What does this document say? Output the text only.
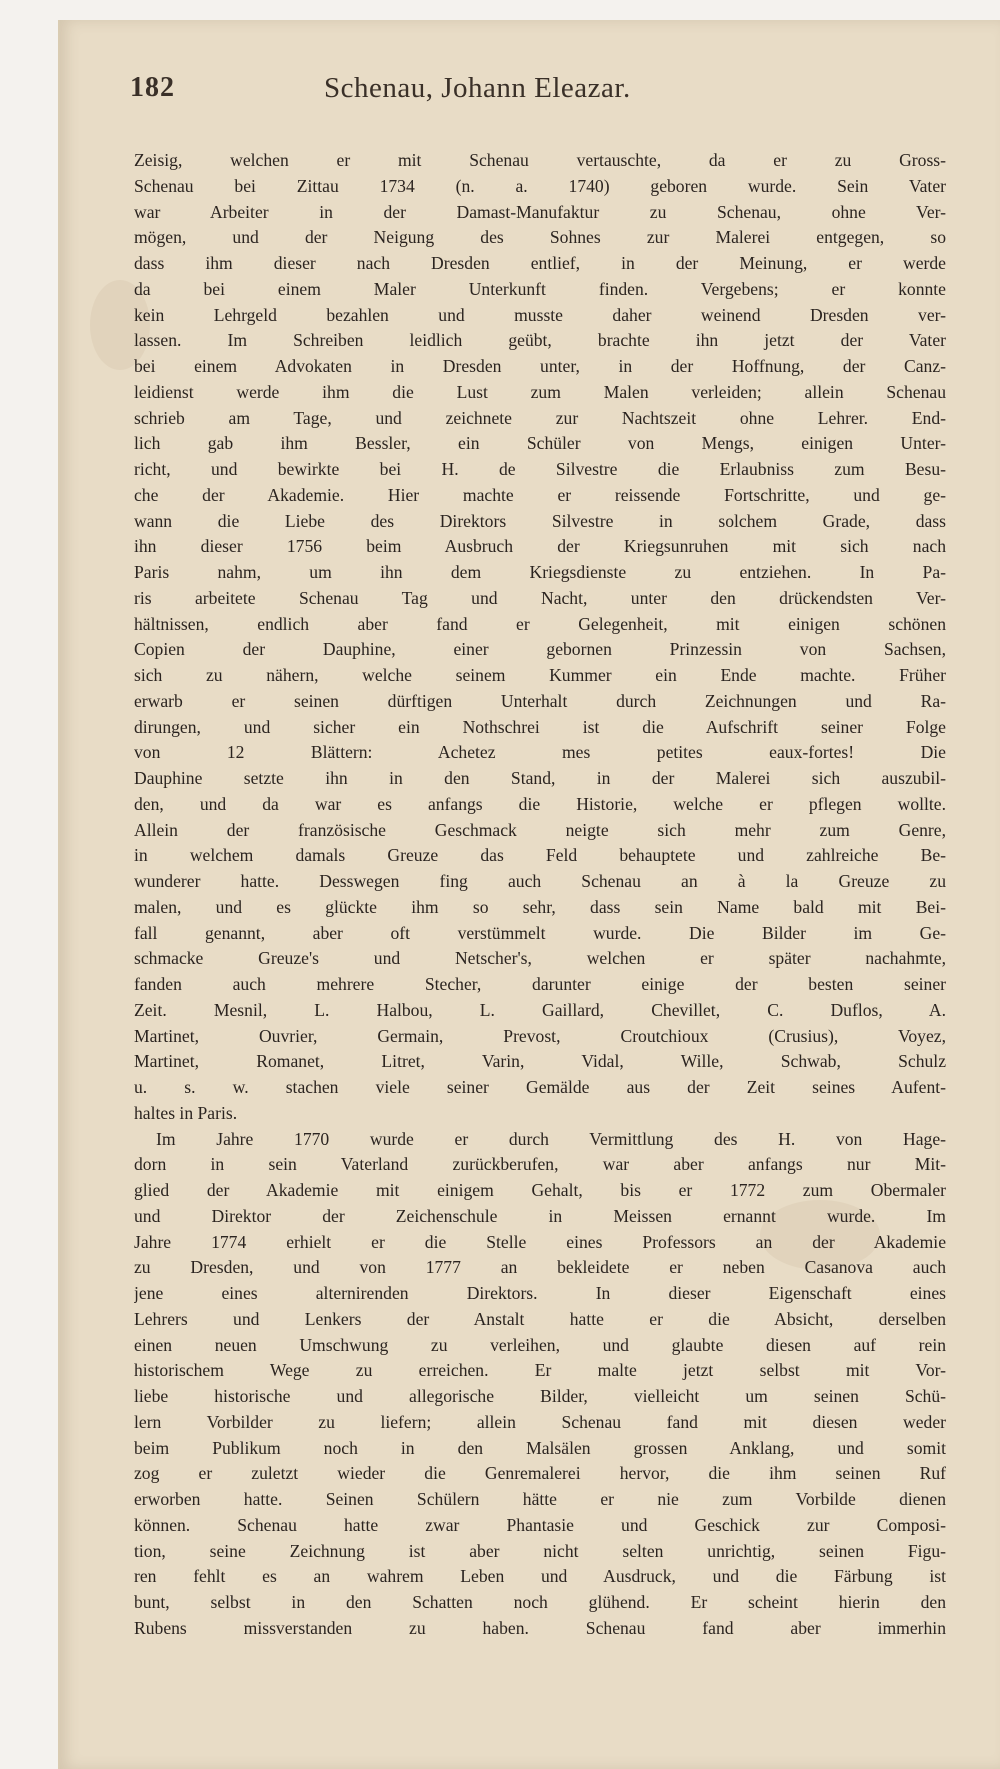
182	Schenau, Johann Eleazar.

Zeisig, welchen er mit Schenau vertauschte, da er zu Gross-

Schenau bei Zittau 1734 (n. a. 1740) geboren wurde. Sein Vater

war Arbeiter in der Damast-Manufaktur zu Schenau, ohne Ver-

mögen, und der Neigung des Sohnes zur Malerei entgegen, so

dass ihm dieser nach Dresden entlief, in der Meinung, er werde

da bei einem Maler Unterkunft finden. Vergebens; er konnte

kein Lehrgeld bezahlen und musste daher weinend Dresden ver-

lassen. Im Schreiben leidlich geübt, brachte ihn jetzt der Vater

bei einem Advokaten in Dresden unter, in der Hoffnung, der Canz-

leidienst werde ihm die Lust zum Malen verleiden; allein Schenau

schrieb am Tage, und zeichnete zur Nachtszeit ohne Lehrer. End-

lich gab ihm Bessler, ein Schüler von Mengs, einigen Unter-

richt, und bewirkte bei H. de Silvestre die Erlaubniss zum Besu-

che der Akademie. Hier machte er reissende Fortschritte, und ge-

wann die Liebe des Direktors Silvestre in solchem Grade, dass

ihn dieser 1756 beim Ausbruch der Kriegsunruhen mit sich nach

Paris nahm, um ihn dem Kriegsdienste zu entziehen. In Pa-

ris arbeitete Schenau Tag und Nacht, unter den drückendsten Ver-

hältnissen, endlich aber fand er Gelegenheit, mit einigen schönen

Copien der Dauphine, einer gebornen Prinzessin von Sachsen,

sich zu nähern, welche seinem Kummer ein Ende machte. Früher

erwarb er seinen dürftigen Unterhalt durch Zeichnungen und Ra-

dirungen, und sicher ein Nothschrei ist die Aufschrift seiner Folge

von 12 Blättern: Achetez mes petites eaux-fortes! Die

Dauphine setzte ihn in den Stand, in der Malerei sich auszubil-

den, und da war es anfangs die Historie, welche er pflegen wollte.

Allein der französische Geschmack neigte sich mehr zum Genre,

in welchem damals Greuze das Feld behauptete und zahlreiche Be-

wunderer hatte. Desswegen fing auch Schenau an à la Greuze zu

malen, und es glückte ihm so sehr, dass sein Name bald mit Bei-

fall genannt, aber oft verstümmelt wurde. Die Bilder im Ge-

schmacke Greuze's und Netscher's, welchen er später nachahmte,

fanden auch mehrere Stecher, darunter einige der besten seiner

Zeit. Mesnil, L. Halbou, L. Gaillard, Chevillet, C. Duflos, A.

Martinet, Ouvrier, Germain, Prevost, Croutchioux (Crusius), Voyez,

Martinet, Romanet, Litret, Varin, Vidal, Wille, Schwab, Schulz

u. s. w. stachen viele seiner Gemälde aus der Zeit seines Aufent-

haltes in Paris.

Im Jahre 1770 wurde er durch Vermittlung des H. von Hage-

dorn in sein Vaterland zurückberufen, war aber anfangs nur Mit-

glied der Akademie mit einigem Gehalt, bis er 1772 zum Obermaler

und Direktor der Zeichenschule in Meissen ernannt wurde. Im

Jahre 1774 erhielt er die Stelle eines Professors an der Akademie

zu Dresden, und von 1777 an bekleidete er neben Casanova auch

jene eines alternirenden Direktors. In dieser Eigenschaft eines

Lehrers und Lenkers der Anstalt hatte er die Absicht, derselben

einen neuen Umschwung zu verleihen, und glaubte diesen auf rein

historischem Wege zu erreichen. Er malte jetzt selbst mit Vor-

liebe historische und allegorische Bilder, vielleicht um seinen Schü-

lern Vorbilder zu liefern; allein Schenau fand mit diesen weder

beim Publikum noch in den Malsälen grossen Anklang, und somit

zog er zuletzt wieder die Genremalerei hervor, die ihm seinen Ruf

erworben hatte. Seinen Schülern hätte er nie zum Vorbilde dienen

können. Schenau hatte zwar Phantasie und Geschick zur Composi-

tion, seine Zeichnung ist aber nicht selten unrichtig, seinen Figu-

ren fehlt es an wahrem Leben und Ausdruck, und die Färbung ist

bunt, selbst in den Schatten noch glühend. Er scheint hierin den

Rubens missverstanden zu haben. Schenau fand aber immerhin
